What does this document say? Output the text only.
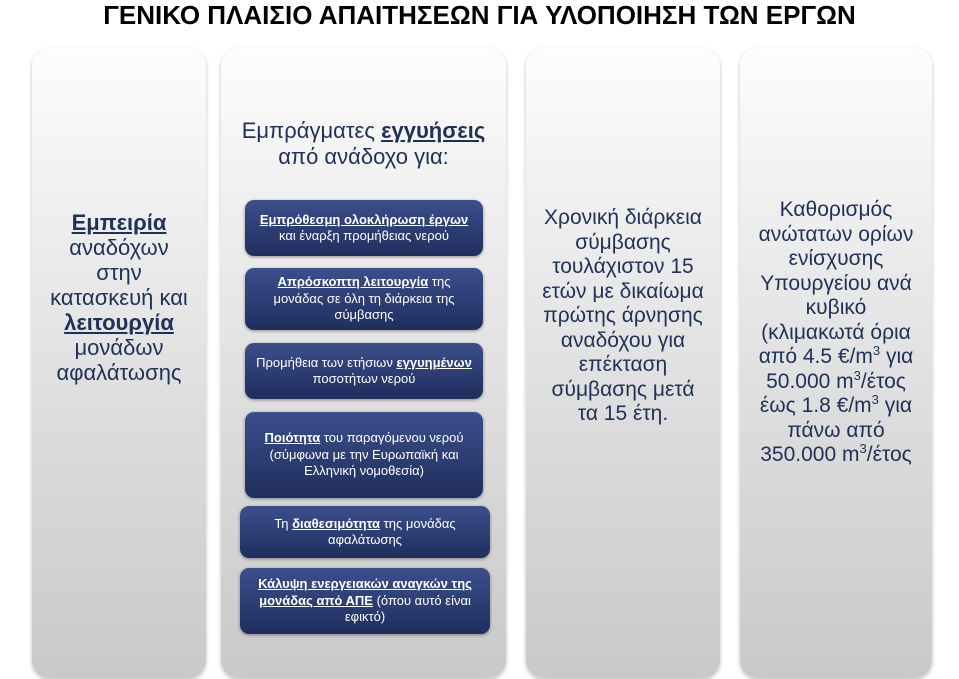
ΓΕΝΙΚΟ ΠΛΑΙΣΙΟ ΑΠΑΙΤΗΣΕΩΝ ΓΙΑ ΥΛΟΠΟΙΗΣΗ ΤΩΝ ΕΡΓΩΝ
Εμπειρία
αναδόχων
στην
κατασκευή και
λειτουργία
μονάδων
αφαλάτωσης
Εμπράγματες εγγυήσεις
από ανάδοχο για:
Εμπρόθεσμη ολοκλήρωση έργων και έναρξη προμήθειας νερού
Απρόσκοπτη λειτουργία της μονάδας σε όλη τη διάρκεια της σύμβασης
Προμήθεια των ετήσιων εγγυημένων ποσοτήτων νερού
Ποιότητα του παραγόμενου νερού (σύμφωνα με την Ευρωπαϊκή και Ελληνική νομοθεσία)
Τη διαθεσιμότητα της μονάδας αφαλάτωσης
Κάλυψη ενεργειακών αναγκών της μονάδας από ΑΠΕ (όπου αυτό είναι εφικτό)
Χρονική διάρκεια
σύμβασης
τουλάχιστον 15
ετών με δικαίωμα
πρώτης άρνησης
αναδόχου για
επέκταση
σύμβασης μετά
τα 15 έτη.
Καθορισμός
ανώτατων ορίων
ενίσχυσης
Υπουργείου ανά
κυβικό
(κλιμακωτά όρια
από 4.5 $€/m^3$ για
50.000 $m^3$/έτος
έως 1.8 $€/m^3$ για
πάνω από
350.000 $m^3$/έτος
